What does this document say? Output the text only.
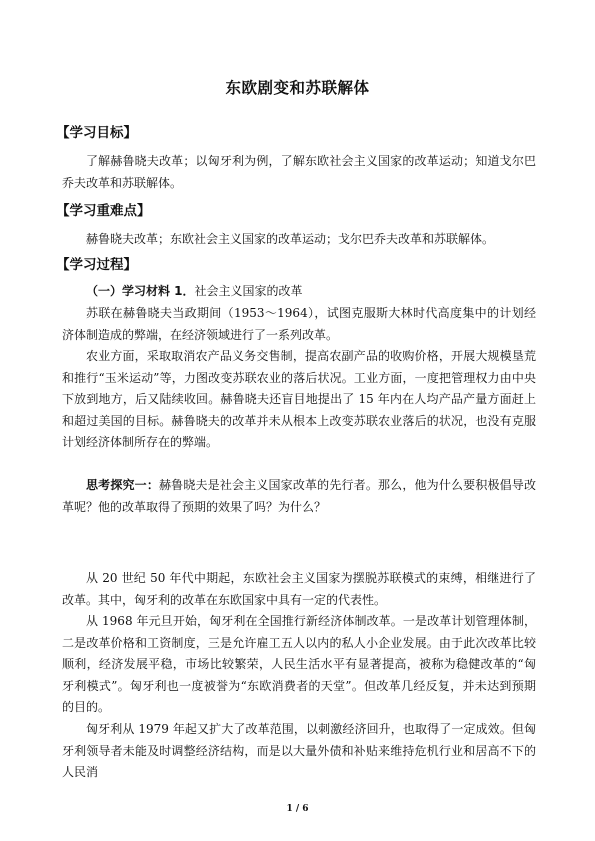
东欧剧变和苏联解体
【学习目标】
了解赫鲁晓夫改革；以匈牙利为例，了解东欧社会主义国家的改革运动；知道戈尔巴乔夫改革和苏联解体。
【学习重难点】
赫鲁晓夫改革；东欧社会主义国家的改革运动；戈尔巴乔夫改革和苏联解体。
【学习过程】
（一）学习材料 1．社会主义国家的改革
苏联在赫鲁晓夫当政期间（1953～1964），试图克服斯大林时代高度集中的计划经济体制造成的弊端，在经济领域进行了一系列改革。
农业方面，采取取消农产品义务交售制，提高农副产品的收购价格，开展大规模垦荒和推行“玉米运动”等，力图改变苏联农业的落后状况。工业方面，一度把管理权力由中央下放到地方，后又陆续收回。赫鲁晓夫还盲目地提出了 15 年内在人均产品产量方面赶上和超过美国的目标。赫鲁晓夫的改革并未从根本上改变苏联农业落后的状况，也没有克服计划经济体制所存在的弊端。
思考探究一：赫鲁晓夫是社会主义国家改革的先行者。那么，他为什么要积极倡导改革呢？他的改革取得了预期的效果了吗？为什么？
从 20 世纪 50 年代中期起，东欧社会主义国家为摆脱苏联模式的束缚，相继进行了改革。其中，匈牙利的改革在东欧国家中具有一定的代表性。
从 1968 年元旦开始，匈牙利在全国推行新经济体制改革。一是改革计划管理体制，二是改革价格和工资制度，三是允许雇工五人以内的私人小企业发展。由于此次改革比较顺利，经济发展平稳，市场比较繁荣，人民生活水平有显著提高，被称为稳健改革的“匈牙利模式”。匈牙利也一度被誉为“东欧消费者的天堂”。但改革几经反复，并未达到预期的目的。
匈牙利从 1979 年起又扩大了改革范围，以刺激经济回升，也取得了一定成效。但匈牙利领导者未能及时调整经济结构，而是以大量外债和补贴来维持危机行业和居高不下的人民消
1 / 6
